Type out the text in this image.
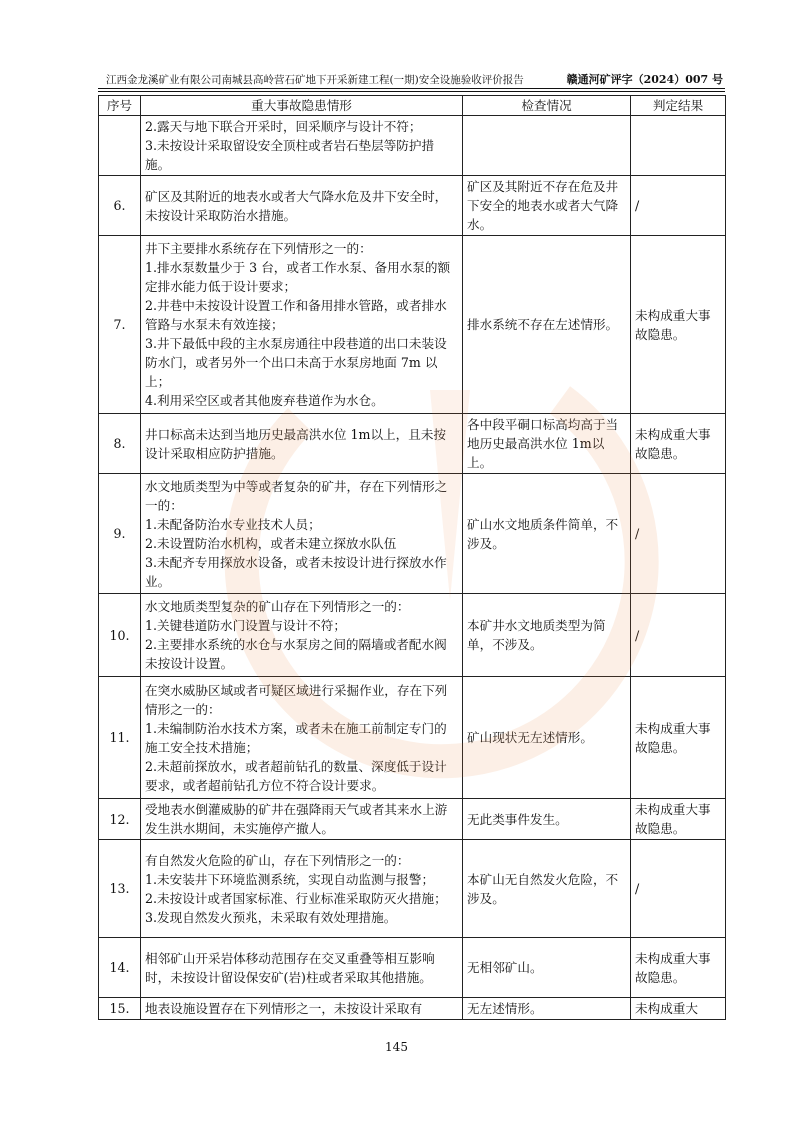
江西金龙溪矿业有限公司南城县高岭营石矿地下开采新建工程(一期)安全设施验收评价报告	赣通河矿评字（2024）007 号
序号	重大事故隐患情形	检查情况	判定结果

	2.露天与地下联合开采时，回采顺序与设计不符；
3.未按设计采取留设安全顶柱或者岩石垫层等防护措施。		

6.	矿区及其附近的地表水或者大气降水危及井下安全时，未按设计采取防治水措施。	矿区及其附近不存在危及井下安全的地表水或者大气降水。	/
7.	井下主要排水系统存在下列情形之一的：
1.排水泵数量少于 3 台，或者工作水泵、备用水泵的额定排水能力低于设计要求；
2.井巷中未按设计设置工作和备用排水管路，或者排水管路与水泵未有效连接；
3.井下最低中段的主水泵房通往中段巷道的出口未装设防水门，或者另外一个出口未高于水泵房地面 7m 以上；
4.利用采空区或者其他废弃巷道作为水仓。	排水系统不存在左述情形。	未构成重大事故隐患。
8.	井口标高未达到当地历史最高洪水位 1m以上，且未按设计采取相应防护措施。	各中段平硐口标高均高于当地历史最高洪水位 1m以上。	未构成重大事故隐患。
9.	水文地质类型为中等或者复杂的矿井，存在下列情形之一的：
1.未配备防治水专业技术人员；
2.未设置防治水机构，或者未建立探放水队伍
3.未配齐专用探放水设备，或者未按设计进行探放水作业。	矿山水文地质条件简单，不涉及。	/
10.	水文地质类型复杂的矿山存在下列情形之一的：
1.关键巷道防水门设置与设计不符；
2.主要排水系统的水仓与水泵房之间的隔墙或者配水阀未按设计设置。	本矿井水文地质类型为简单，不涉及。	/
11.	在突水威胁区域或者可疑区域进行采掘作业，存在下列情形之一的：
1.未编制防治水技术方案，或者未在施工前制定专门的施工安全技术措施；
2.未超前探放水，或者超前钻孔的数量、深度低于设计要求，或者超前钻孔方位不符合设计要求。	矿山现状无左述情形。	未构成重大事故隐患。
12.	受地表水倒灌威胁的矿井在强降雨天气或者其来水上游发生洪水期间，未实施停产撤人。	无此类事件发生。	未构成重大事故隐患。
13.	有自然发火危险的矿山，存在下列情形之一的：
1.未安装井下环境监测系统，实现自动监测与报警；
2.未按设计或者国家标准、行业标准采取防灭火措施；
3.发现自然发火预兆，未采取有效处理措施。	本矿山无自然发火危险，不涉及。	/
14.	相邻矿山开采岩体移动范围存在交叉重叠等相互影响时，未按设计留设保安矿(岩)柱或者采取其他措施。	无相邻矿山。	未构成重大事故隐患。
15.	地表设施设置存在下列情形之一，未按设计采取有	无左述情形。	未构成重大
145
